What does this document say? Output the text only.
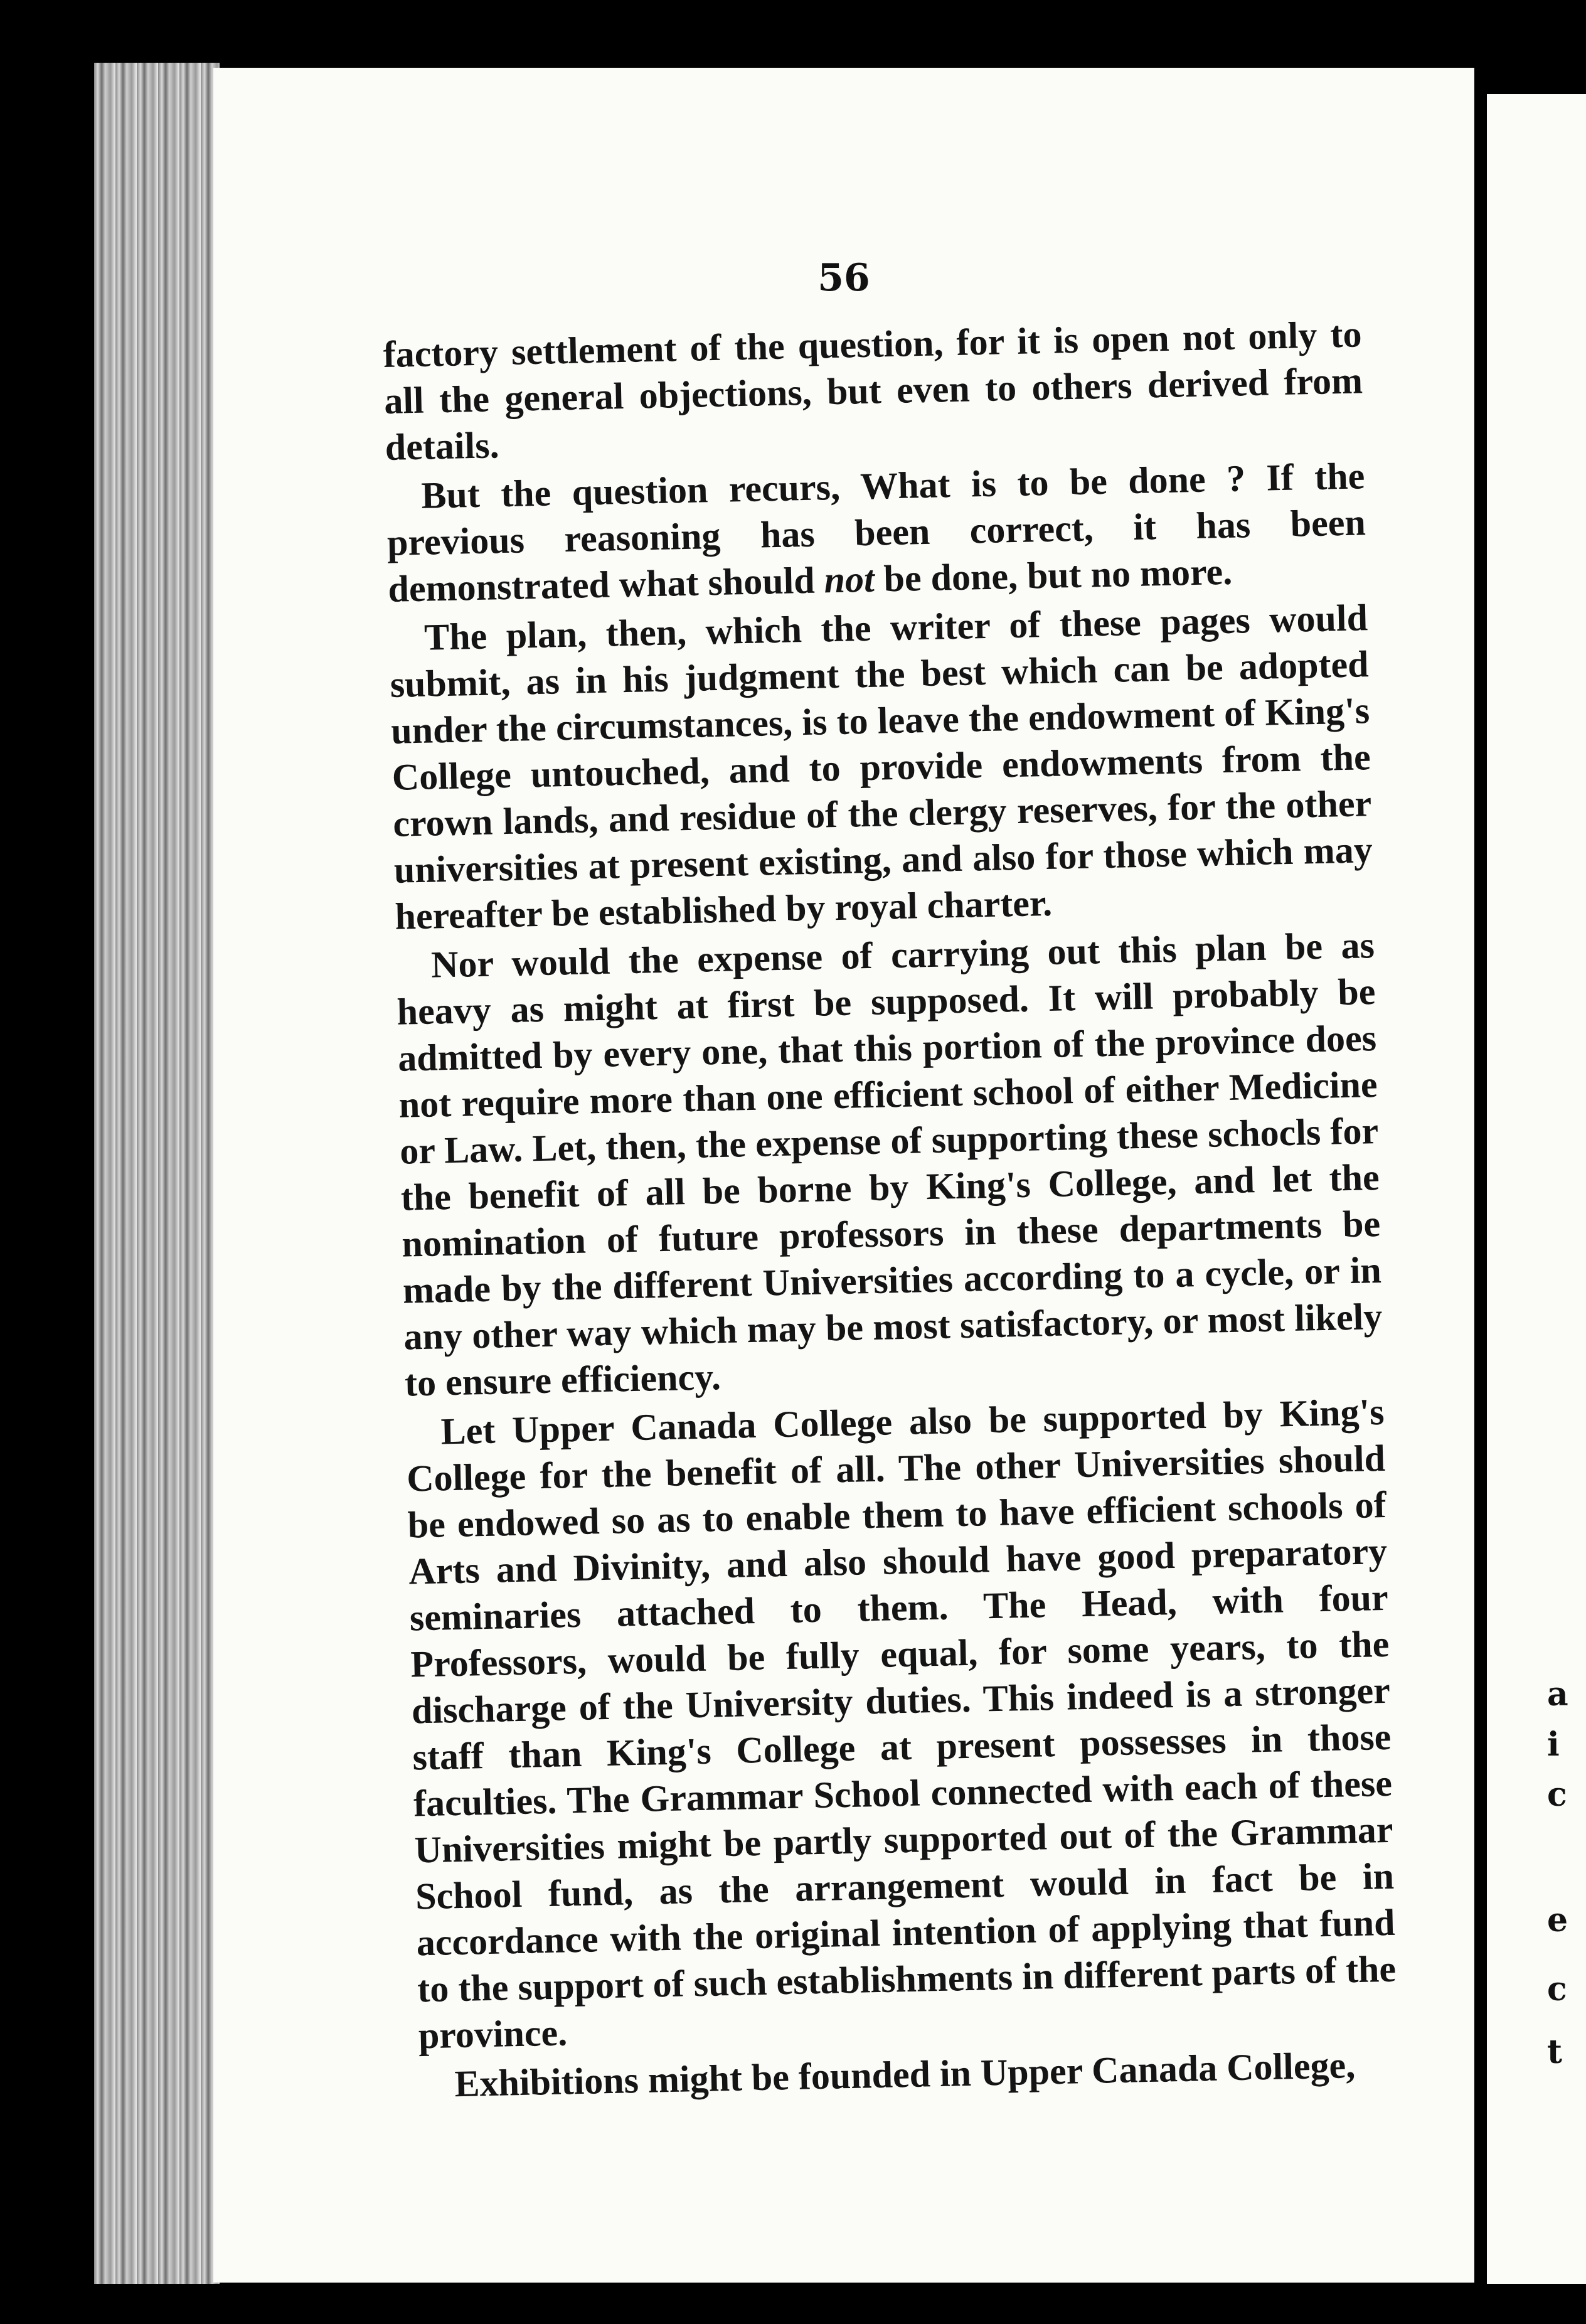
56

factory settlement of the question, for it is open not only to all the general objections, but even to others derived from details.

But the question recurs, What is to be done ? If the previous reasoning has been correct, it has been demonstrated what should not be done, but no more.

The plan, then, which the writer of these pages would submit, as in his judgment the best which can be adopted under the circumstances, is to leave the endowment of King's College untouched, and to provide endowments from the crown lands, and residue of the clergy reserves, for the other universities at present existing, and also for those which may hereafter be established by royal charter.

Nor would the expense of carrying out this plan be as heavy as might at first be supposed. It will probably be admitted by every one, that this portion of the province does not require more than one efficient school of either Medicine or Law. Let, then, the expense of supporting these schocls for the benefit of all be borne by King's College, and let the nomination of future professors in these departments be made by the different Universities according to a cycle, or in any other way which may be most satisfactory, or most likely to ensure efficiency.

Let Upper Canada College also be supported by King's College for the benefit of all. The other Universities should be endowed so as to enable them to have efficient schools of Arts and Divinity, and also should have good preparatory seminaries attached to them. The Head, with four Professors, would be fully equal, for some years, to the discharge of the University duties. This indeed is a stronger staff than King's College at present possesses in those faculties. The Grammar School connected with each of these Universities might be partly supported out of the Grammar School fund, as the arrangement would in fact be in accordance with the original intention of applying that fund to the support of such establishments in different parts of the province.

Exhibitions might be founded in Upper Canada College,

a
i
c
e
c
t
